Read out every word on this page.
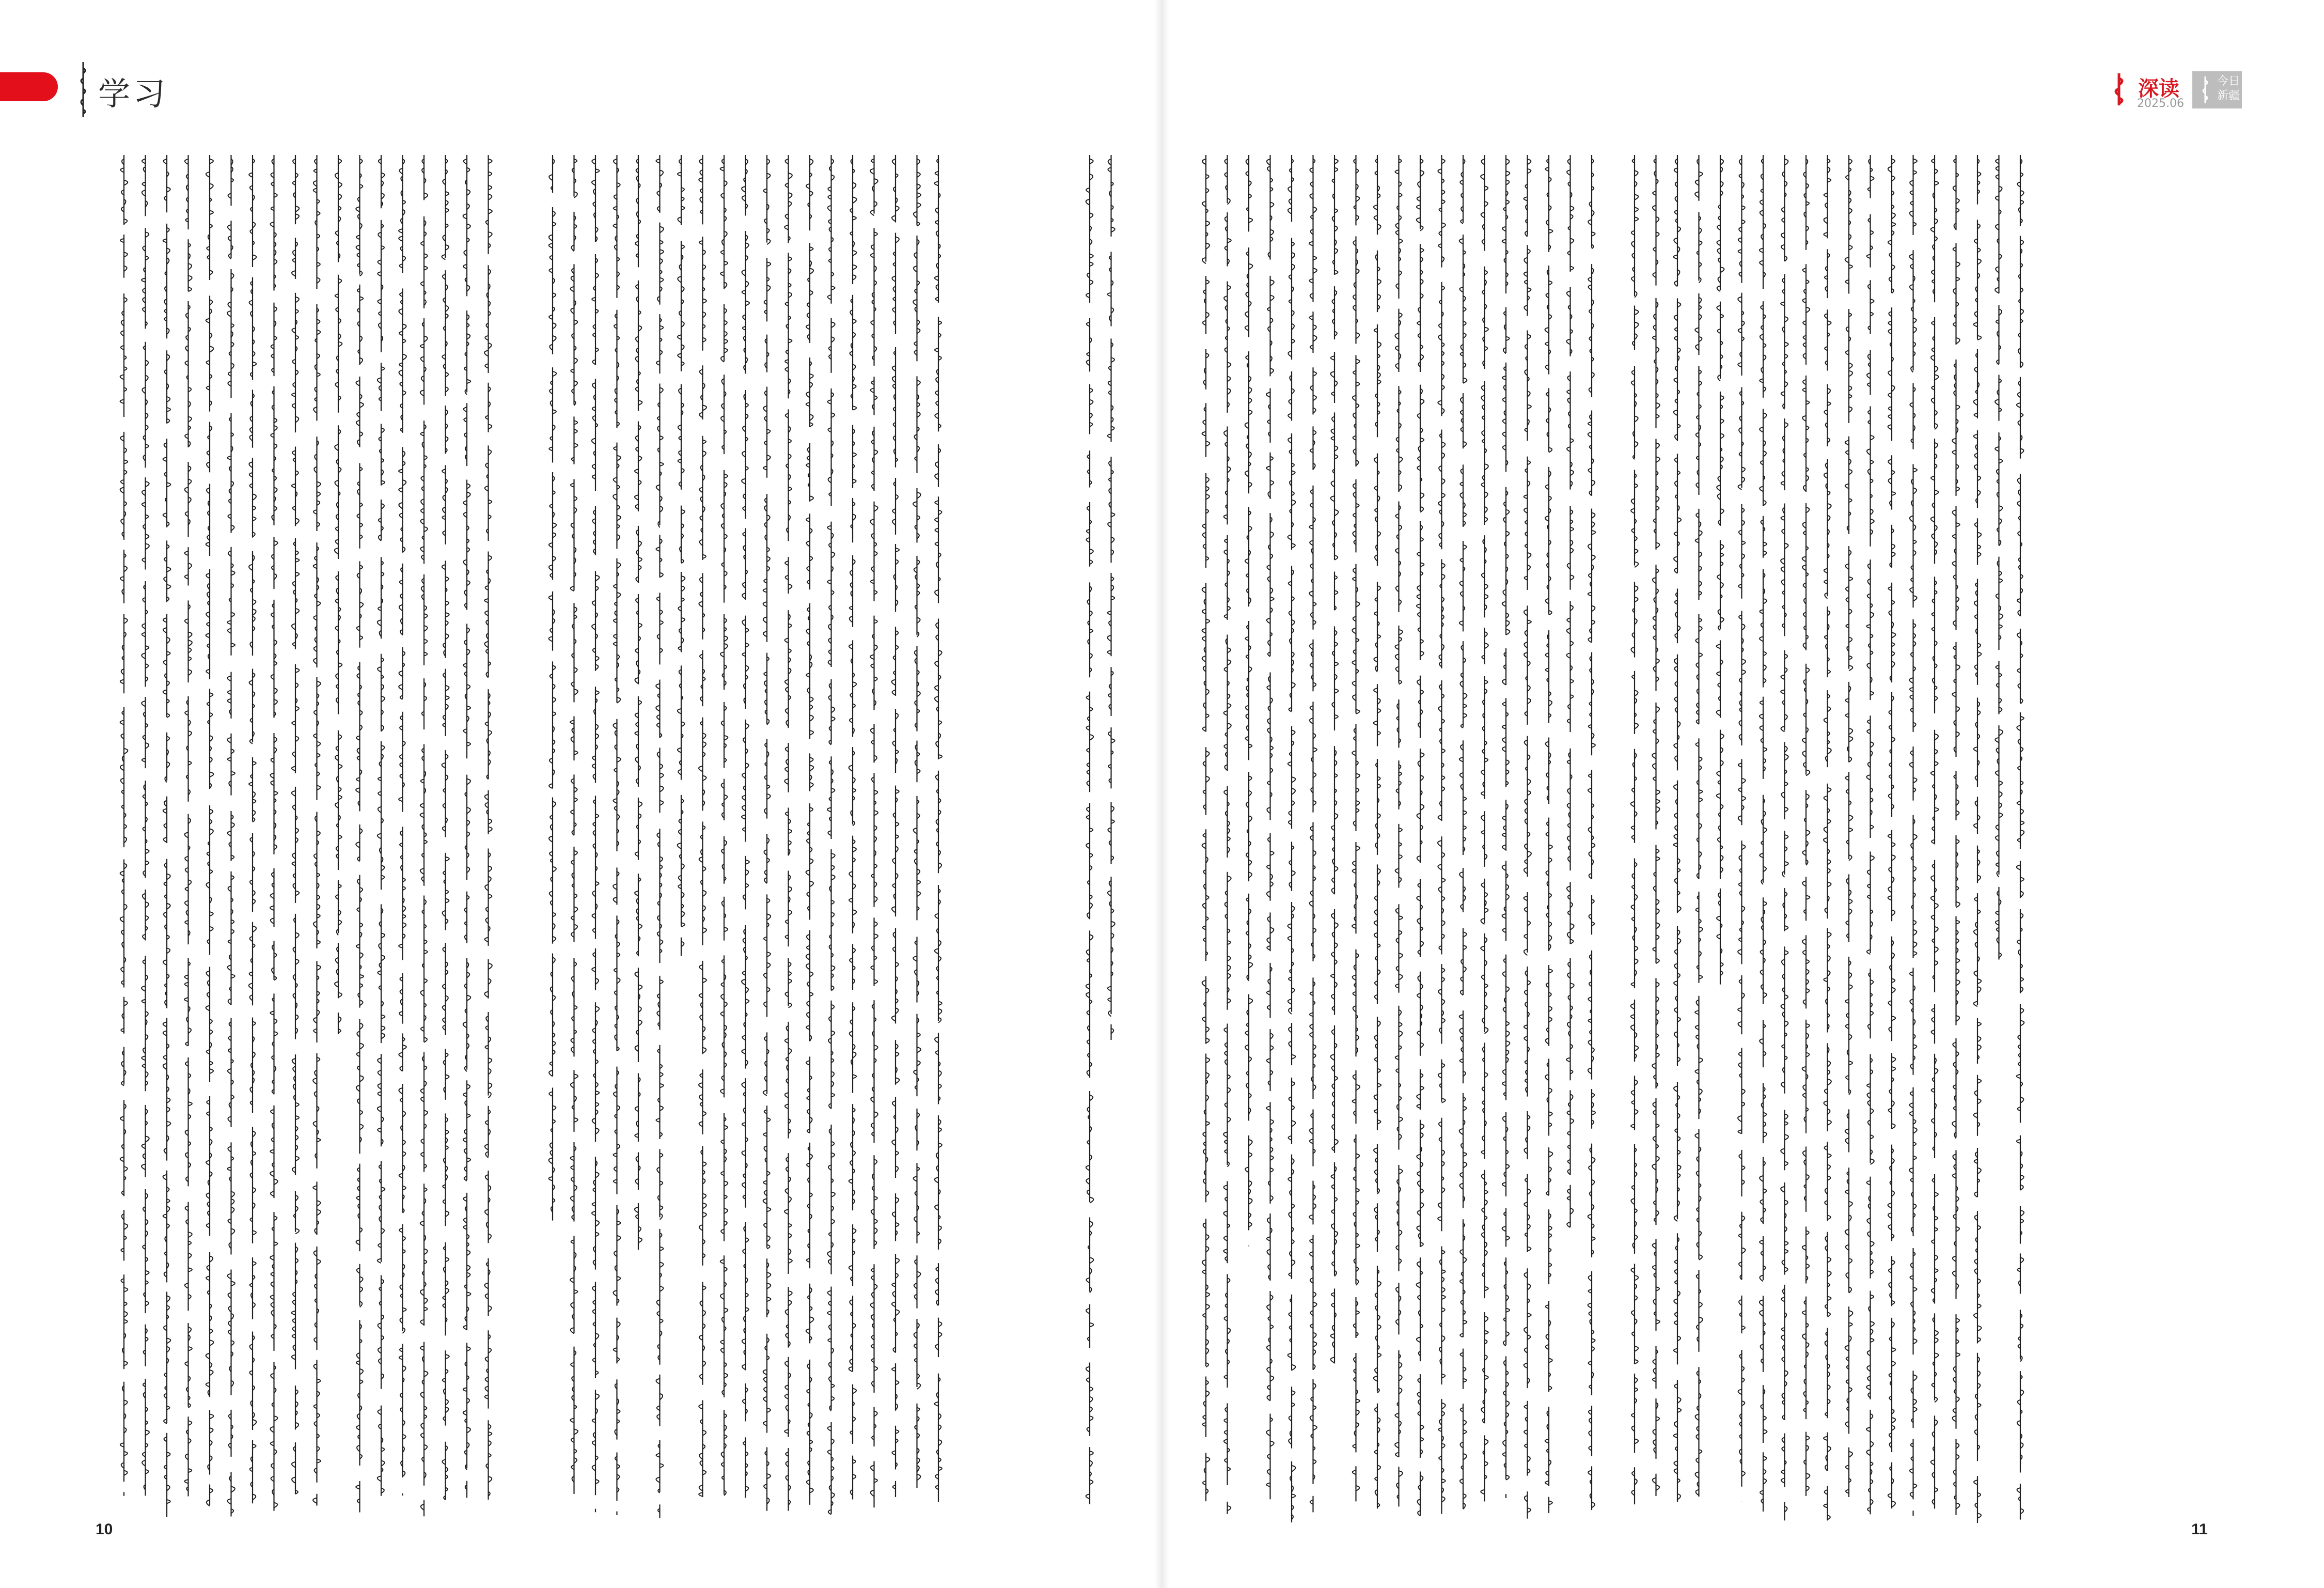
学习
10
深读
2025.06
今日 新疆
11
